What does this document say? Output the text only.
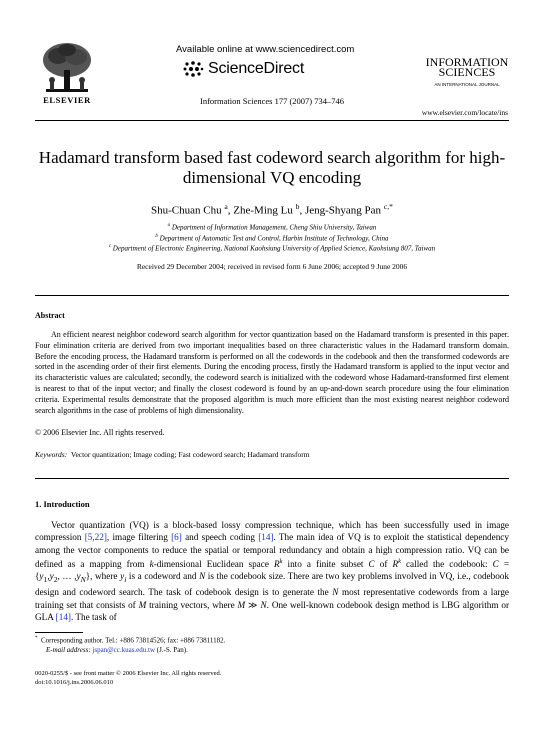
ELSEVIER
Available online at www.sciencedirect.com
ScienceDirect
Information Sciences 177 (2007) 734–746
INFORMATION
SCIENCES
AN INTERNATIONAL JOURNAL
www.elsevier.com/locate/ins
Hadamard transform based fast codeword search algorithm for high-dimensional VQ encoding
Shu-Chuan Chu $^a$, Zhe-Ming Lu $^b$, Jeng-Shyang Pan $^{c,*}$
$^a$ Department of Information Management, Cheng Shiu University, Taiwan
$^b$ Department of Automatic Test and Control, Harbin Institute of Technology, China
$^c$ Department of Electronic Engineering, National Kaohsiung University of Applied Science, Kaohsiung 807, Taiwan
Received 29 December 2004; received in revised form 6 June 2006; accepted 9 June 2006
Abstract

An efficient nearest neighbor codeword search algorithm for vector quantization based on the Hadamard transform is presented in this paper. Four elimination criteria are derived from two important inequalities based on three characteristic values in the Hadamard transform domain. Before the encoding process, the Hadamard transform is performed on all the codewords in the codebook and then the transformed codewords are sorted in the ascending order of their first elements. During the encoding process, firstly the Hadamard transform is applied to the input vector and its characteristic values are calculated; secondly, the codeword search is initialized with the codeword whose Hadamard-transformed first element is nearest to that of the input vector; and finally the closest codeword is found by an up-and-down search procedure using the four elimination criteria. Experimental results demonstrate that the proposed algorithm is much more efficient than the most existing nearest neighbor codeword search algorithms in the case of problems of high dimensionality.

© 2006 Elsevier Inc. All rights reserved.
Keywords: Vector quantization; Image coding; Fast codeword search; Hadamard transform
1. Introduction

Vector quantization (VQ) is a block-based lossy compression technique, which has been successfully used in image compression [5,22], image filtering [6] and speech coding [14]. The main idea of VQ is to exploit the statistical dependency among the vector components to reduce the spatial or temporal redundancy and obtain a high compression ratio. VQ can be defined as a mapping from k-dimensional Euclidean space $R^k$ into a finite subset C of $R^k$ called the codebook: $C = \{y_1,y_2$, … $,y_N$}, where $y_i$ is a codeword and N is the codebook size. There are two key problems involved in VQ, i.e., codebook design and codeword search. The task of codebook design is to generate the N most representative codewords from a large training set that consists of M training vectors, where M ≫ N. One well-known codebook design method is LBG algorithm or GLA [14]. The task of

* Corresponding author. Tel.: +886 73814526; fax: +886 73811182.
E-mail address: jspan@cc.kuas.edu.tw (J.-S. Pan).
0020-0255/$ - see front matter © 2006 Elsevier Inc. All rights reserved.
doi:10.1016/j.ins.2006.06.010
